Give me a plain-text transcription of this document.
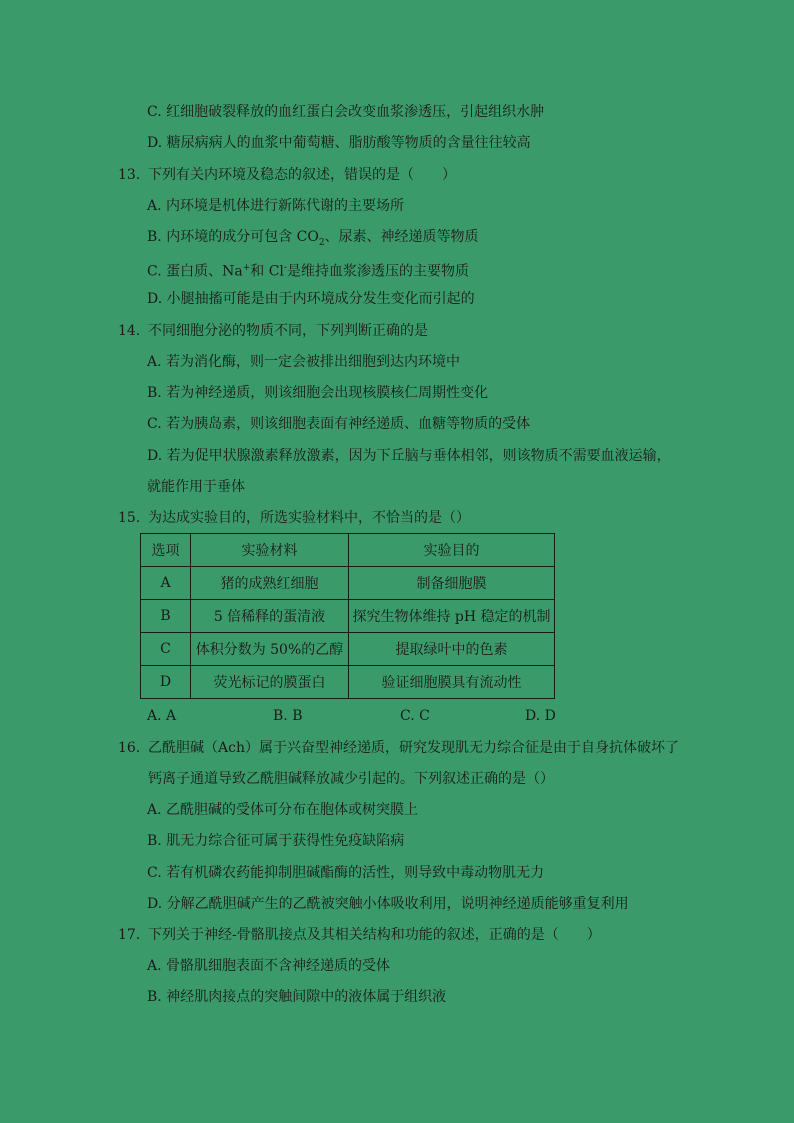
C. 红细胞破裂释放的血红蛋白会改变血浆渗透压，引起组织水肿
D. 糖尿病病人的血浆中葡萄糖、脂肪酸等物质的含量往往较高
13. 下列有关内环境及稳态的叙述，错误的是（　　）
A. 内环境是机体进行新陈代谢的主要场所
B. 内环境的成分可包含 $CO_2$、尿素、神经递质等物质
C. 蛋白质、Na+和 Cl-是维持血浆渗透压的主要物质
D. 小腿抽搐可能是由于内环境成分发生变化而引起的
14. 不同细胞分泌的物质不同，下列判断正确的是
A. 若为消化酶，则一定会被排出细胞到达内环境中
B. 若为神经递质，则该细胞会出现核膜核仁周期性变化
C. 若为胰岛素，则该细胞表面有神经递质、血糖等物质的受体
D. 若为促甲状腺激素释放激素，因为下丘脑与垂体相邻，则该物质不需要血液运输，
就能作用于垂体
15. 为达成实验目的，所选实验材料中，不恰当的是（）
选项	实验材料	实验目的
A	猪的成熟红细胞	制备细胞膜
B	5 倍稀释的蛋清液	探究生物体维持 pH 稳定的机制
C	体积分数为 50%的乙醇	提取绿叶中的色素
D	荧光标记的膜蛋白	验证细胞膜具有流动性
A. A	B. B	C. C	D. D
16. 乙酰胆碱（Ach）属于兴奋型神经递质，研究发现肌无力综合征是由于自身抗体破坏了
钙离子通道导致乙酰胆碱释放减少引起的。下列叙述正确的是（）
A. 乙酰胆碱的受体可分布在胞体或树突膜上
B. 肌无力综合征可属于获得性免疫缺陷病
C. 若有机磷农药能抑制胆碱酯酶的活性，则导致中毒动物肌无力
D. 分解乙酰胆碱产生的乙酰被突触小体吸收利用，说明神经递质能够重复利用
17. 下列关于神经-骨骼肌接点及其相关结构和功能的叙述，正确的是（　　）
A. 骨骼肌细胞表面不含神经递质的受体
B. 神经肌肉接点的突触间隙中的液体属于组织液
